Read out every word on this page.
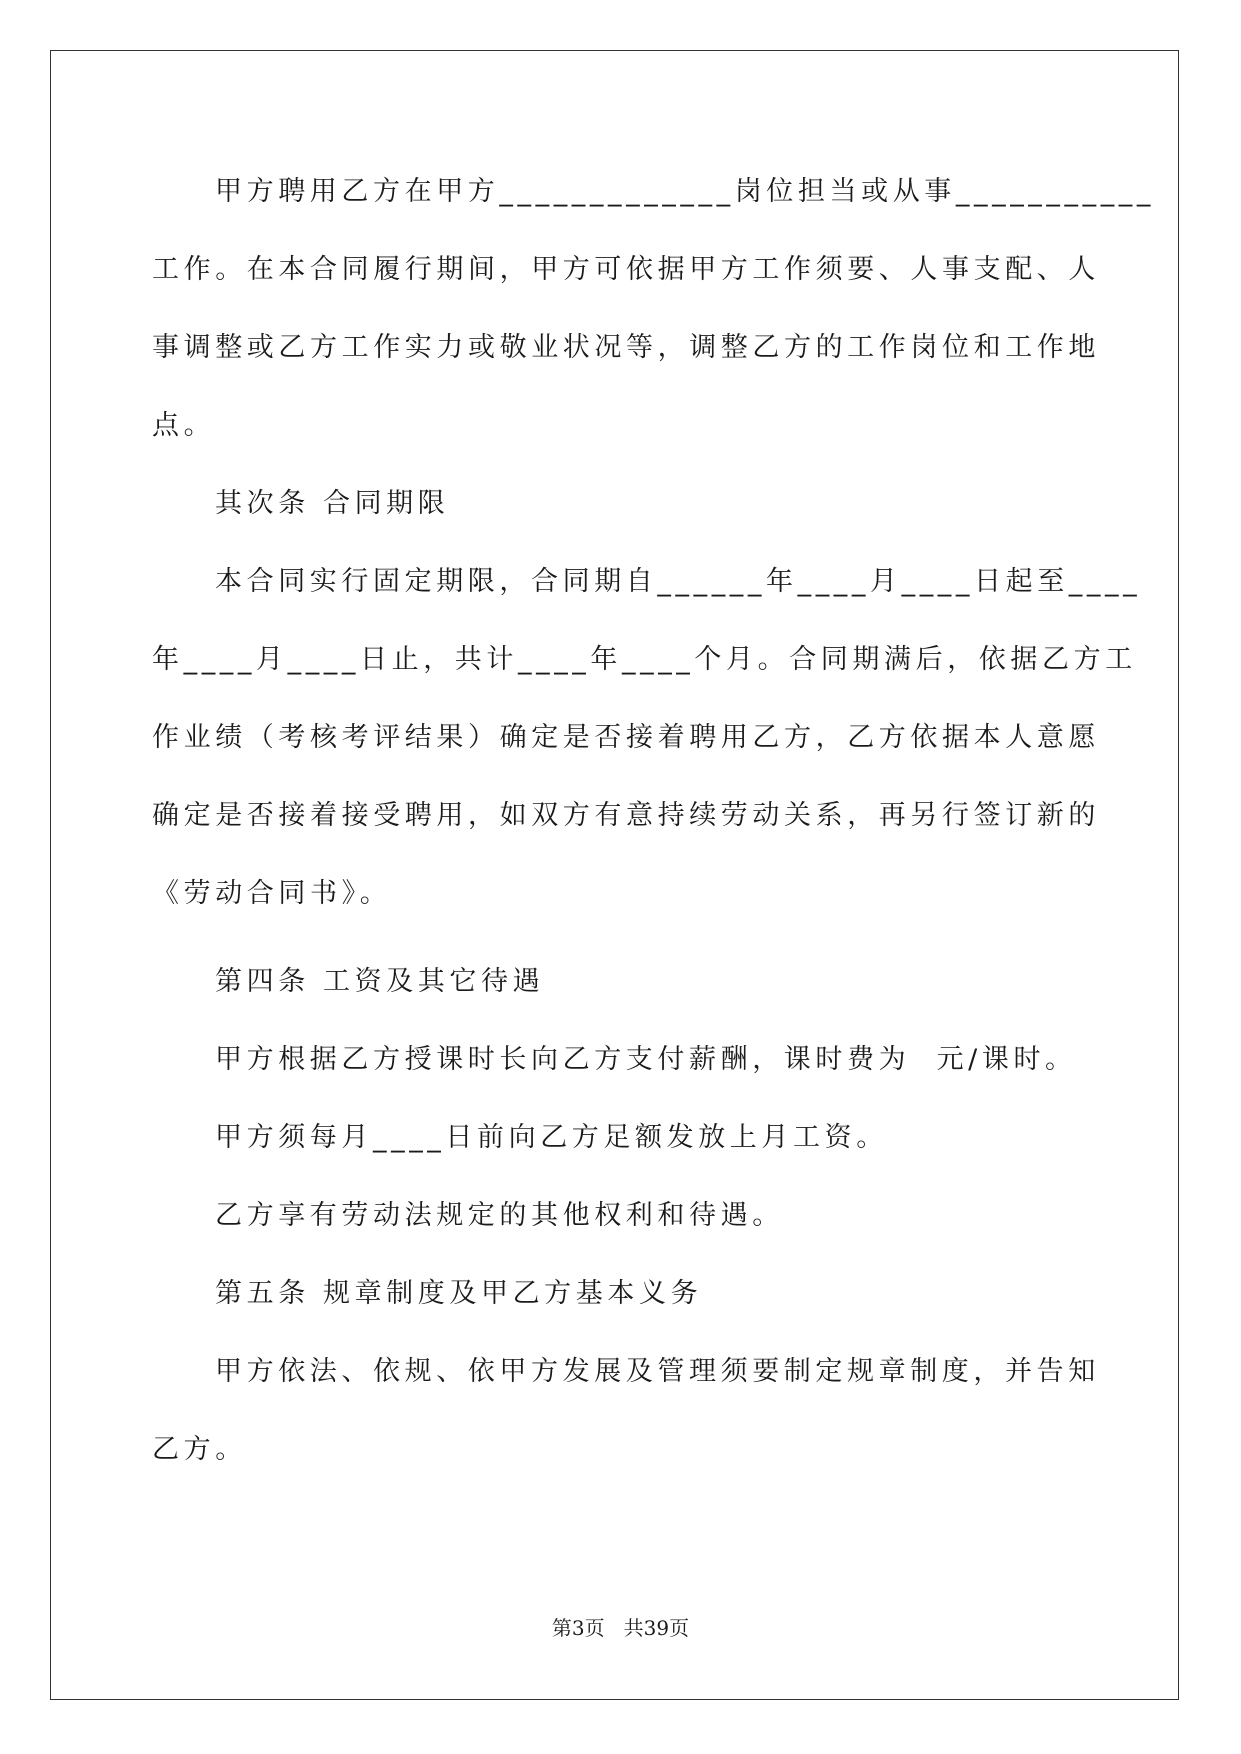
甲方聘用乙方在甲方_____________岗位担当或从事___________
工作。在本合同履行期间，甲方可依据甲方工作须要、人事支配、人
事调整或乙方工作实力或敬业状况等，调整乙方的工作岗位和工作地
点。
其次条 合同期限
本合同实行固定期限，合同期自______年____月____日起至____
年____月____日止，共计____年____个月。合同期满后，依据乙方工
作业绩（考核考评结果）确定是否接着聘用乙方，乙方依据本人意愿
确定是否接着接受聘用，如双方有意持续劳动关系，再另行签订新的
《劳动合同书》。
第四条 工资及其它待遇
甲方根据乙方授课时长向乙方支付薪酬，课时费为  元/课时。
甲方须每月____日前向乙方足额发放上月工资。
乙方享有劳动法规定的其他权利和待遇。
第五条 规章制度及甲乙方基本义务
甲方依法、依规、依甲方发展及管理须要制定规章制度，并告知
乙方。
第3页   共39页
